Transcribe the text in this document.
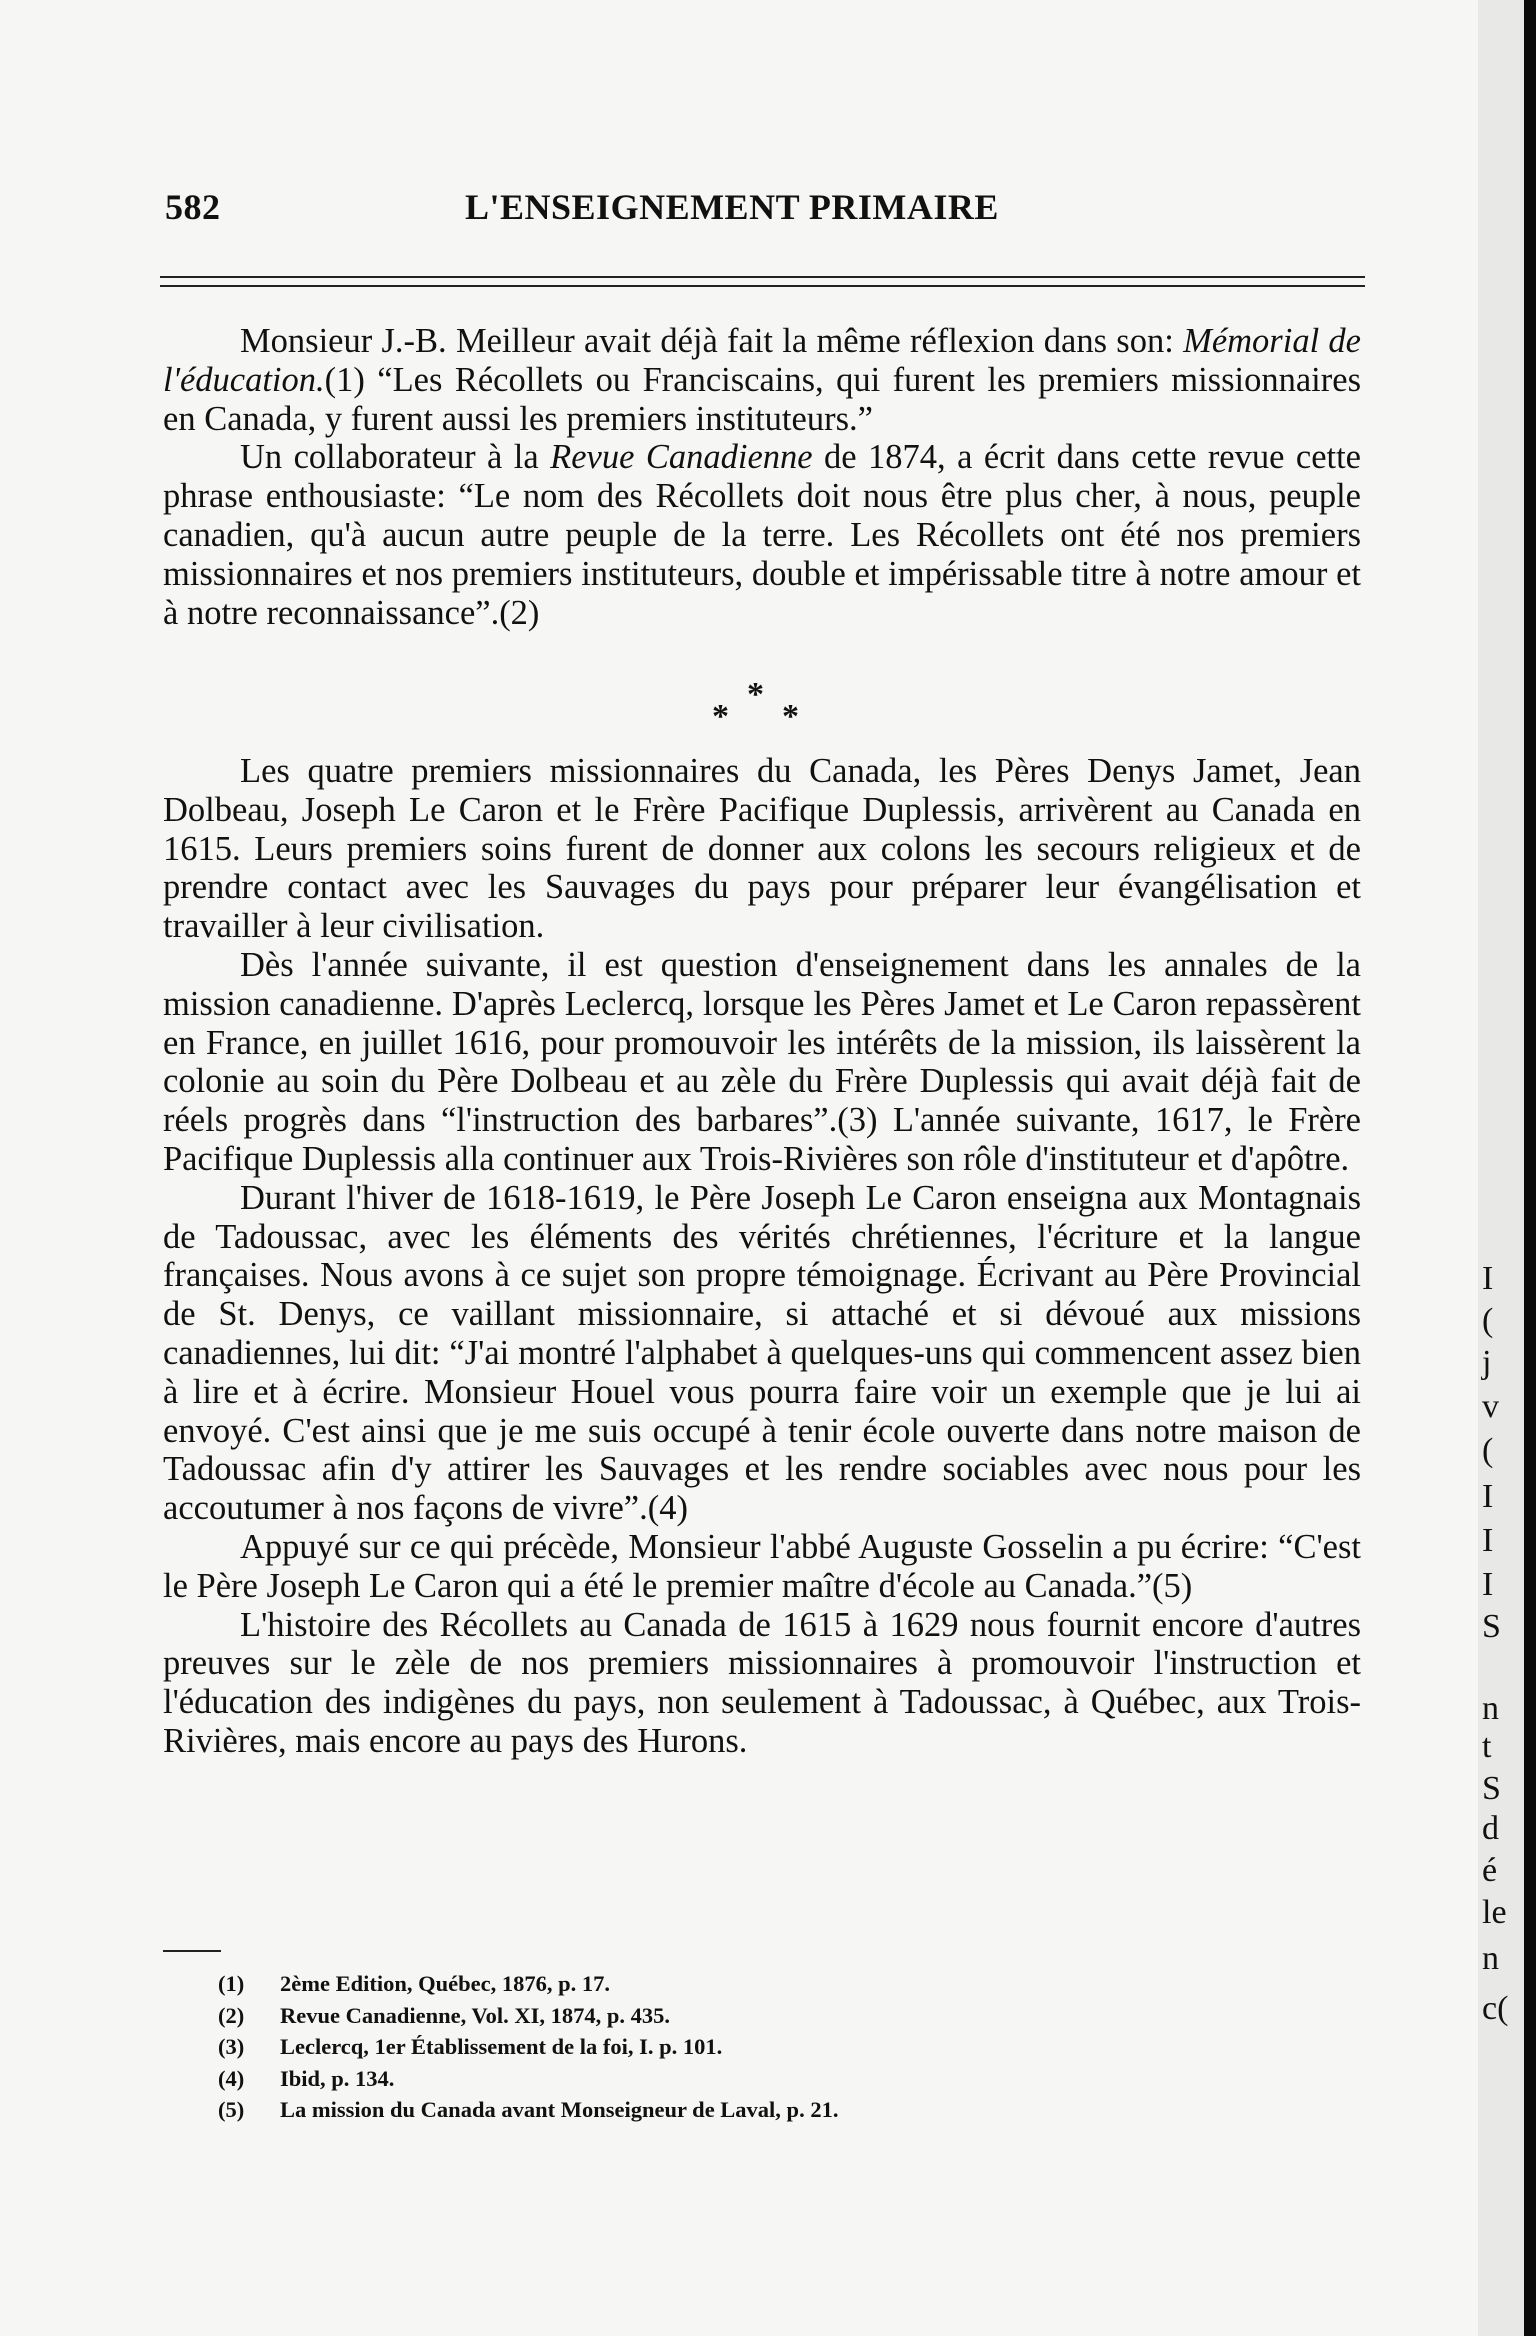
582	L'ENSEIGNEMENT PRIMAIRE

Monsieur J.-B. Meilleur avait déjà fait la même réflexion dans son: Mémorial de l'éducation.(1) “Les Récollets ou Franciscains, qui furent les premiers missionnaires en Canada, y furent aussi les premiers instituteurs.”

Un collaborateur à la Revue Canadienne de 1874, a écrit dans cette revue cette phrase enthousiaste: “Le nom des Récollets doit nous être plus cher, à nous, peuple canadien, qu'à aucun autre peuple de la terre. Les Récollets ont été nos premiers missionnaires et nos premiers instituteurs, double et impérissable titre à notre amour et à notre reconnaissance”.(2)

*
* *

Les quatre premiers missionnaires du Canada, les Pères Denys Jamet, Jean Dolbeau, Joseph Le Caron et le Frère Pacifique Duplessis, arrivèrent au Canada en 1615. Leurs premiers soins furent de donner aux colons les secours religieux et de prendre contact avec les Sauvages du pays pour préparer leur évangélisation et travailler à leur civilisation.

Dès l'année suivante, il est question d'enseignement dans les annales de la mission canadienne. D'après Leclercq, lorsque les Pères Jamet et Le Caron repassèrent en France, en juillet 1616, pour promouvoir les intérêts de la mission, ils laissèrent la colonie au soin du Père Dolbeau et au zèle du Frère Duplessis qui avait déjà fait de réels progrès dans “l'instruction des barbares”.(3) L'année suivante, 1617, le Frère Pacifique Duplessis alla continuer aux Trois-Rivières son rôle d'instituteur et d'apôtre.

Durant l'hiver de 1618-1619, le Père Joseph Le Caron enseigna aux Montagnais de Tadoussac, avec les éléments des vérités chrétiennes, l'écriture et la langue françaises. Nous avons à ce sujet son propre témoignage. Écrivant au Père Provincial de St. Denys, ce vaillant missionnaire, si attaché et si dévoué aux missions canadiennes, lui dit: “J'ai montré l'alphabet à quelques-uns qui commencent assez bien à lire et à écrire. Monsieur Houel vous pourra faire voir un exemple que je lui ai envoyé. C'est ainsi que je me suis occupé à tenir école ouverte dans notre maison de Tadoussac afin d'y attirer les Sauvages et les rendre sociables avec nous pour les accoutumer à nos façons de vivre”.(4)

Appuyé sur ce qui précède, Monsieur l'abbé Auguste Gosselin a pu écrire: “C'est le Père Joseph Le Caron qui a été le premier maître d'école au Canada.”(5)

L'histoire des Récollets au Canada de 1615 à 1629 nous fournit encore d'autres preuves sur le zèle de nos premiers missionnaires à promouvoir l'instruction et l'éducation des indigènes du pays, non seulement à Tadoussac, à Québec, aux Trois-Rivières, mais encore au pays des Hurons.

(1) 2ème Edition, Québec, 1876, p. 17.
(2) Revue Canadienne, Vol. XI, 1874, p. 435.
(3) Leclercq, 1er Établissement de la foi, I. p. 101.
(4) Ibid, p. 134.
(5) La mission du Canada avant Monseigneur de Laval, p. 21.
I
(
j
v
(
I
I
I
S
n
t
S
d
é
le
n
c(
